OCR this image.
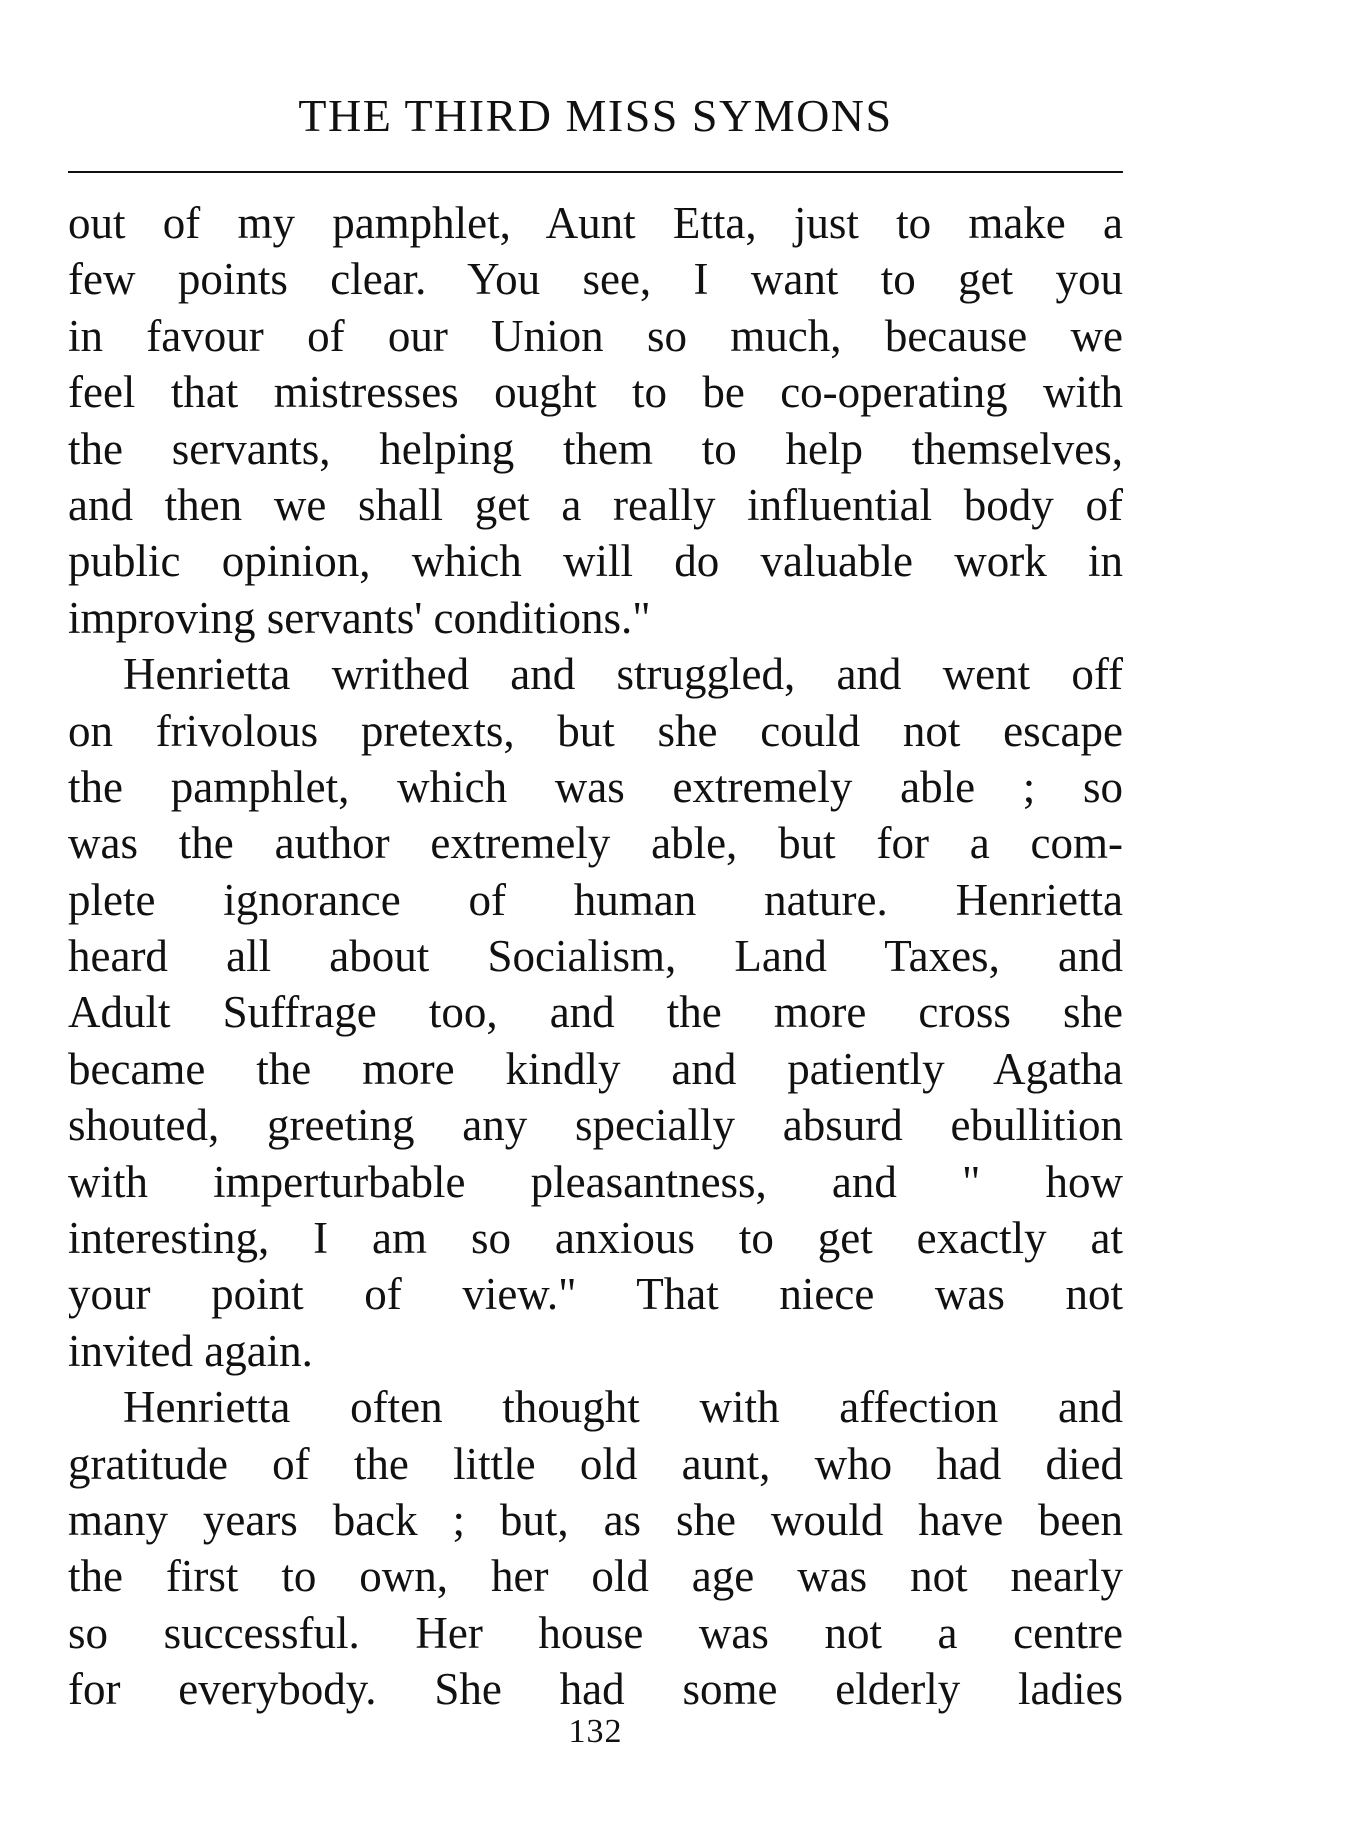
THE THIRD MISS SYMONS
out of my pamphlet, Aunt Etta, just to make a
few points clear. You see, I want to get you
in favour of our Union so much, because we
feel that mistresses ought to be co-operating with
the servants, helping them to help themselves,
and then we shall get a really influential body of
public opinion, which will do valuable work in
improving servants' conditions."
Henrietta writhed and struggled, and went off
on frivolous pretexts, but she could not escape
the pamphlet, which was extremely able ; so
was the author extremely able, but for a com-
plete ignorance of human nature. Henrietta
heard all about Socialism, Land Taxes, and
Adult Suffrage too, and the more cross she
became the more kindly and patiently Agatha
shouted, greeting any specially absurd ebullition
with imperturbable pleasantness, and " how
interesting, I am so anxious to get exactly at
your point of view." That niece was not
invited again.
Henrietta often thought with affection and
gratitude of the little old aunt, who had died
many years back ; but, as she would have been
the first to own, her old age was not nearly
so successful. Her house was not a centre
for everybody. She had some elderly ladies
132
